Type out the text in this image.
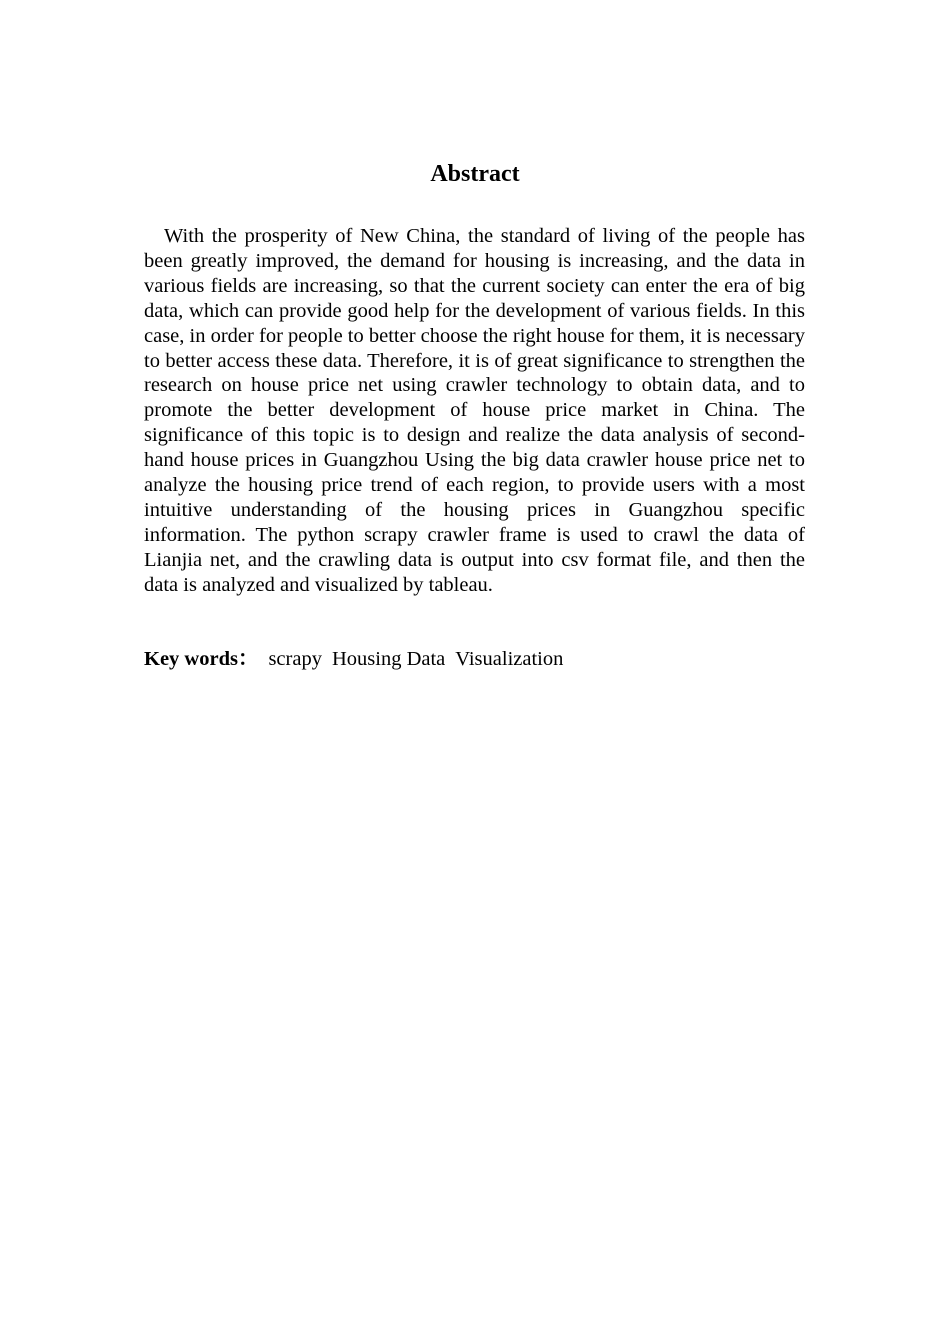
Abstract

With the prosperity of New China, the standard of living of the people has been greatly improved, the demand for housing is increasing, and the data in various fields are increasing, so that the current society can enter the era of big data, which can provide good help for the development of various fields. In this case, in order for people to better choose the right house for them, it is necessary to better access these data. Therefore, it is of great significance to strengthen the research on house price net using crawler technology to obtain data, and to promote the better development of house price market in China. The significance of this topic is to design and realize the data analysis of second-hand house prices in Guangzhou Using the big data crawler house price net to analyze the housing price trend of each region, to provide users with a most intuitive understanding of the housing prices in Guangzhou specific information. The python scrapy crawler frame is used to crawl the data of Lianjia net, and the crawling data is output into csv format file, and then the data is analyzed and visualized by tableau.

Key words： scrapy Housing Data Visualization
